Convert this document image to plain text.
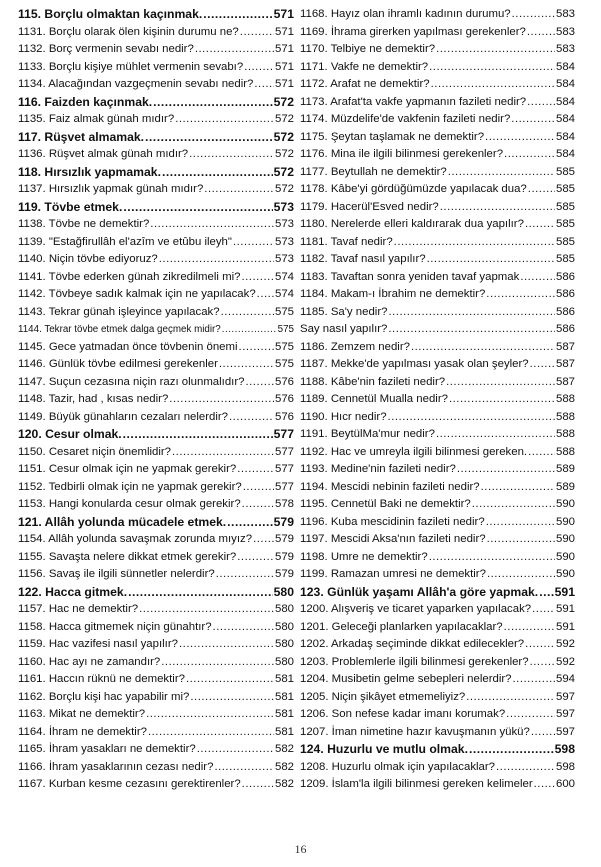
115. Borçlu olmaktan kaçınmak. .....	571
1131. Borçlu olarak ölen kişinin durumu ne? .....	571
1132. Borç vermenin sevabı nedir? .....	571
1133. Borçlu kişiye mühlet vermenin sevabı? .....	571
1134. Alacağından vazgeçmenin sevabı nedir? ..... 571
116. Faizden kaçınmak. .....	572
1135. Faiz almak günah mıdır? .....	572
117. Rüşvet almamak. .....	572
1136. Rüşvet almak günah mıdır? .....	572
118. Hırsızlık yapmamak. .....	572
1137. Hırsızlık yapmak günah mıdır? .....	572
119. Tövbe etmek. .....	573
1138. Tövbe ne demektir? .....	573
1139. "Estağfirullâh el'azîm ve etûbu ileyh" .....	573
1140. Niçin tövbe ediyoruz? .....	573
1141. Tövbe ederken günah zikredilmeli mi? .....	574
1142. Tövbeye sadık kalmak için ne yapılacak? ..... 574
1143. Tekrar günah işleyince yapılacak? .....	575
1144. Tekrar tövbe etmek dalga geçmek midir? .....	575
1145. Gece yatmadan önce tövbenin önemi .....	575
1146. Günlük tövbe edilmesi gerekenler .....	575
1147. Suçun cezasına niçin razı olunmalıdır? .....	576
1148. Tazir, had , kısas nedir? .....	576
1149. Büyük günahların cezaları nelerdir? .....	576
120. Cesur olmak. .....	577
1150. Cesaret niçin önemlidir? .....	577
1151. Cesur olmak için ne yapmak gerekir? .....	577
1152. Tedbirli olmak için ne yapmak gerekir? .....	577
1153. Hangi konularda cesur olmak gerekir? .....	578
121. Allâh yolunda mücadele etmek. .....	579
1154. Allâh yolunda savaşmak zorunda mıyız? ..... 579
1155. Savaşta nelere dikkat etmek gerekir? .....	579
1156. Savaş ile ilgili sünnetler nelerdir? .....	579
122. Hacca gitmek. .....	580
1157. Hac ne demektir? .....	580
1158. Hacca gitmemek niçin günahtır? .....	580
1159. Hac vazifesi nasıl yapılır? .....	580
1160. Hac ayı ne zamandır? .....	580
1161. Haccın rüknü ne demektir? .....	581
1162. Borçlu kişi hac yapabilir mi? .....	581
1163. Mikat ne demektir? .....	581
1164. İhram ne demektir? .....	581
1165. İhram yasakları ne demektir? .....	582
1166. İhram yasaklarının cezası nedir? .....	582
1167. Kurban kesme cezasını gerektirenler? .....	582
1168. Hayız olan ihramlı kadının durumu? .....	583
1169. İhrama girerken yapılması gerekenler? .....	583
1170. Telbiye ne demektir? .....	583
1171. Vakfe ne demektir? .....	584
1172. Arafat ne demektir? .....	584
1173. Arafat'ta vakfe yapmanın fazileti nedir? .....	584
1174. Müzdelife'de vakfenin fazileti nedir? .....	584
1175. Şeytan taşlamak ne demektir? .....	584
1176. Mina ile ilgili bilinmesi gerekenler? .....	584
1177. Beytullah ne demektir? .....	585
1178. Kâbe'yi gördüğümüzde yapılacak dua? .....	585
1179. Hacerül'Esved nedir? .....	585
1180. Nerelerde elleri kaldırarak dua yapılır? .....	585
1181. Tavaf nedir? .....	585
1182. Tavaf nasıl yapılır? .....	585
1183. Tavaftan sonra yeniden tavaf yapmak .....	586
1184. Makam-ı İbrahim ne demektir? .....	586
1185. Sa'y nedir? .....	586
Say nasıl yapılır? .....	586
1186. Zemzem nedir? .....	587
1187. Mekke'de yapılması yasak olan şeyler? ..... 587
1188. Kâbe'nin fazileti nedir? .....	587
1189. Cennetül Mualla nedir? .....	588
1190. Hıcr nedir? .....	588
1191. BeytülMa'mur nedir? .....	588
1192. Hac ve umreyla ilgili bilinmesi gereken. .....	588
1193. Medine'nin fazileti nedir? .....	589
1194. Mescidi nebinin fazileti nedir? .....	589
1195. Cennetül Baki ne demektir? .....	590
1196. Kuba mescidinin fazileti nedir? .....	590
1197. Mescidi Aksa'nın fazileti nedir? .....	590
1198. Umre ne demektir? .....	590
1199. Ramazan umresi ne demektir? .....	590
123. Günlük yaşamı Allâh'a göre yapmak. ..... 591
1200. Alışveriş ve ticaret yaparken yapılacak? ..... 591
1201. Geleceği planlarken yapılacaklar? .....	591
1202. Arkadaş seçiminde dikkat edilecekler? .....	592
1203. Problemlerle ilgili bilinmesi gerekenler? ..... 592
1204. Musibetin gelme sebepleri nelerdir? .....	594
1205. Niçin şikâyet etmemeliyiz? .....	597
1206. Son nefese kadar imanı korumak? .....	597
1207. İman nimetine hazır kavuşmanın yükü? ..... 597
124. Huzurlu ve mutlu olmak. .....	598
1208. Huzurlu olmak için yapılacaklar? .....	598
1209. İslam'la ilgili bilinmesi gereken kelimeler ..... 600
16
